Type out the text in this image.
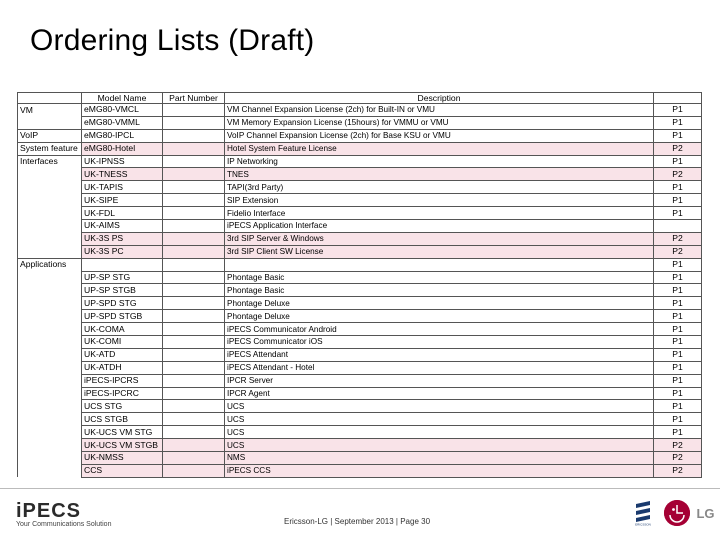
Ordering Lists (Draft)
	Model Name	Part Number	Description	
VM	eMG80-VMCL		VM Channel Expansion License (2ch) for Built-IN or VMU	P1
	eMG80-VMML		VM Memory Expansion License (15hours) for VMMU or VMU	P1
VoIP	eMG80-IPCL		VoIP Channel Expansion License (2ch) for Base KSU or VMU	P1
System feature	eMG80-Hotel		Hotel System Feature License	P2
Interfaces	UK-IPNSS		IP Networking	P1
	UK-TNESS		TNES	P2
	UK-TAPIS		TAPI(3rd Party)	P1
	UK-SIPE		SIP Extension	P1
	UK-FDL		Fidelio Interface	P1
	UK-AIMS		iPECS Application Interface	
	UK-3S PS		3rd SIP Server & Windows	P2
	UK-3S PC		3rd SIP Client SW License	P2
Applications				P1
	UP-SP STG		Phontage Basic	P1
	UP-SP STGB		Phontage Basic	P1
	UP-SPD STG		Phontage Deluxe	P1
	UP-SPD STGB		Phontage Deluxe	P1
	UK-COMA		iPECS Communicator Android	P1
	UK-COMI		iPECS Communicator iOS	P1
	UK-ATD		iPECS Attendant	P1
	UK-ATDH		iPECS Attendant - Hotel	P1
	iPECS-IPCRS		IPCR Server	P1
	iPECS-IPCRC		IPCR Agent	P1
	UCS STG		UCS	P1
	UCS STGB		UCS	P1
	UK-UCS VM STG		UCS	P1
	UK-UCS VM STGB		UCS	P2
	UK-NMSS		NMS	P2
	CCS		iPECS CCS	P2
iPECS
Your Communications Solution	Ericsson-LG | September 2013 | Page 30	ERICSSON
LG
